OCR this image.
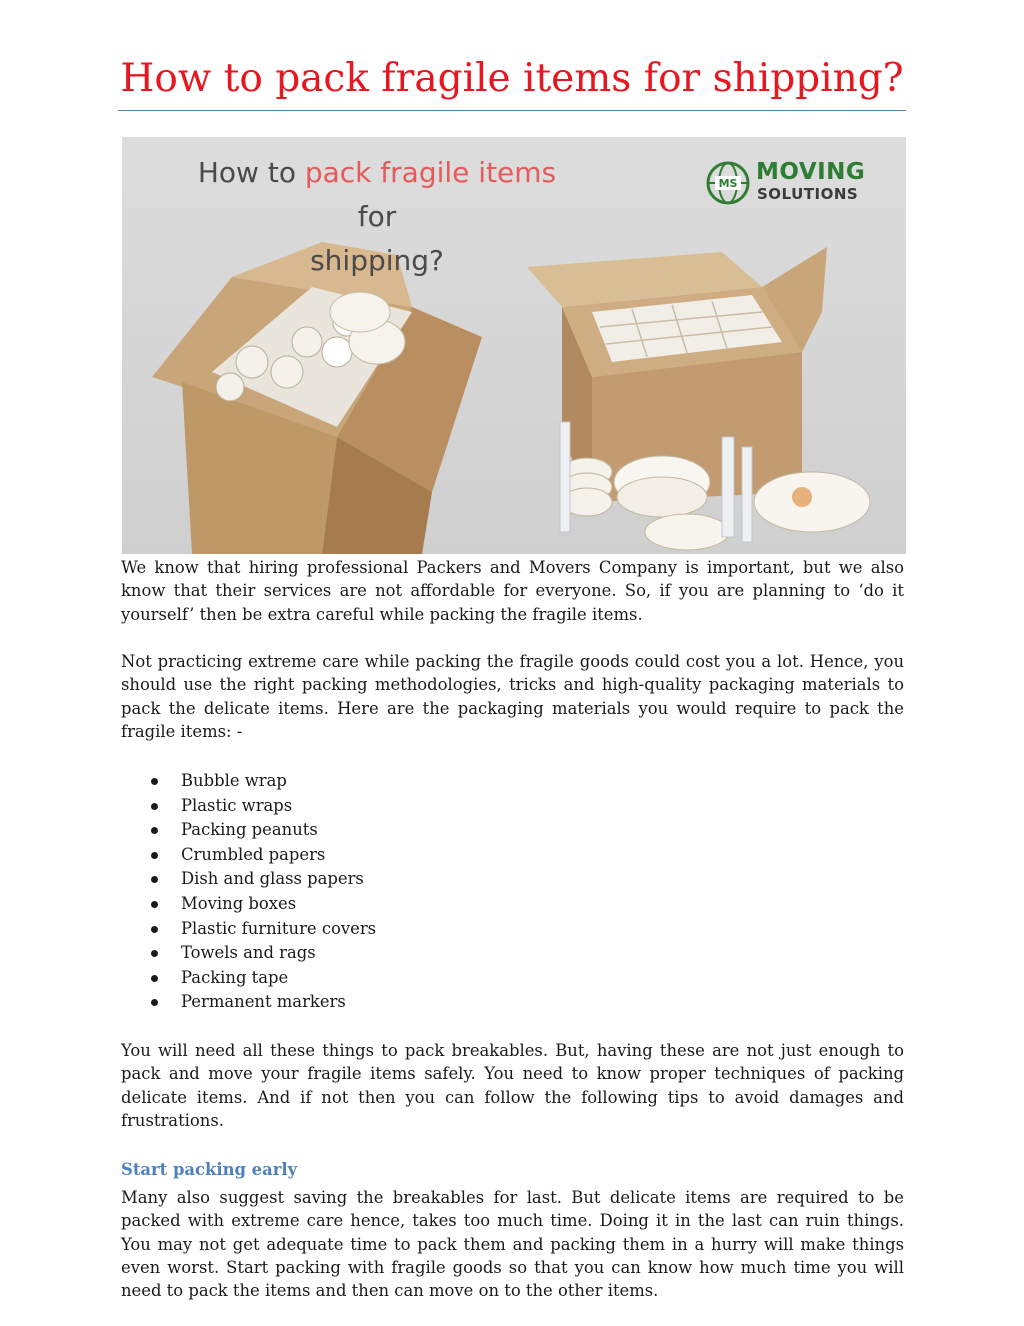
How to pack fragile items for shipping?
How to pack fragile items for
shipping?
MS MOVING
SOLUTIONS

We know that hiring professional Packers and Movers Company is important, but we also know that their services are not affordable for everyone. So, if you are planning to ‘do it yourself’ then be extra careful while packing the fragile items.

Not practicing extreme care while packing the fragile goods could cost you a lot. Hence, you should use the right packing methodologies, tricks and high-quality packaging materials to pack the delicate items. Here are the packaging materials you would require to pack the fragile items: -

Bubble wrap
Plastic wraps
Packing peanuts
Crumbled papers
Dish and glass papers
Moving boxes
Plastic furniture covers
Towels and rags
Packing tape
Permanent markers

You will need all these things to pack breakables. But, having these are not just enough to pack and move your fragile items safely. You need to know proper techniques of packing delicate items. And if not then you can follow the following tips to avoid damages and frustrations.

Start packing early

Many also suggest saving the breakables for last. But delicate items are required to be packed with extreme care hence, takes too much time. Doing it in the last can ruin things. You may not get adequate time to pack them and packing them in a hurry will make things even worst. Start packing with fragile goods so that you can know how much time you will need to pack the items and then can move on to the other items.
